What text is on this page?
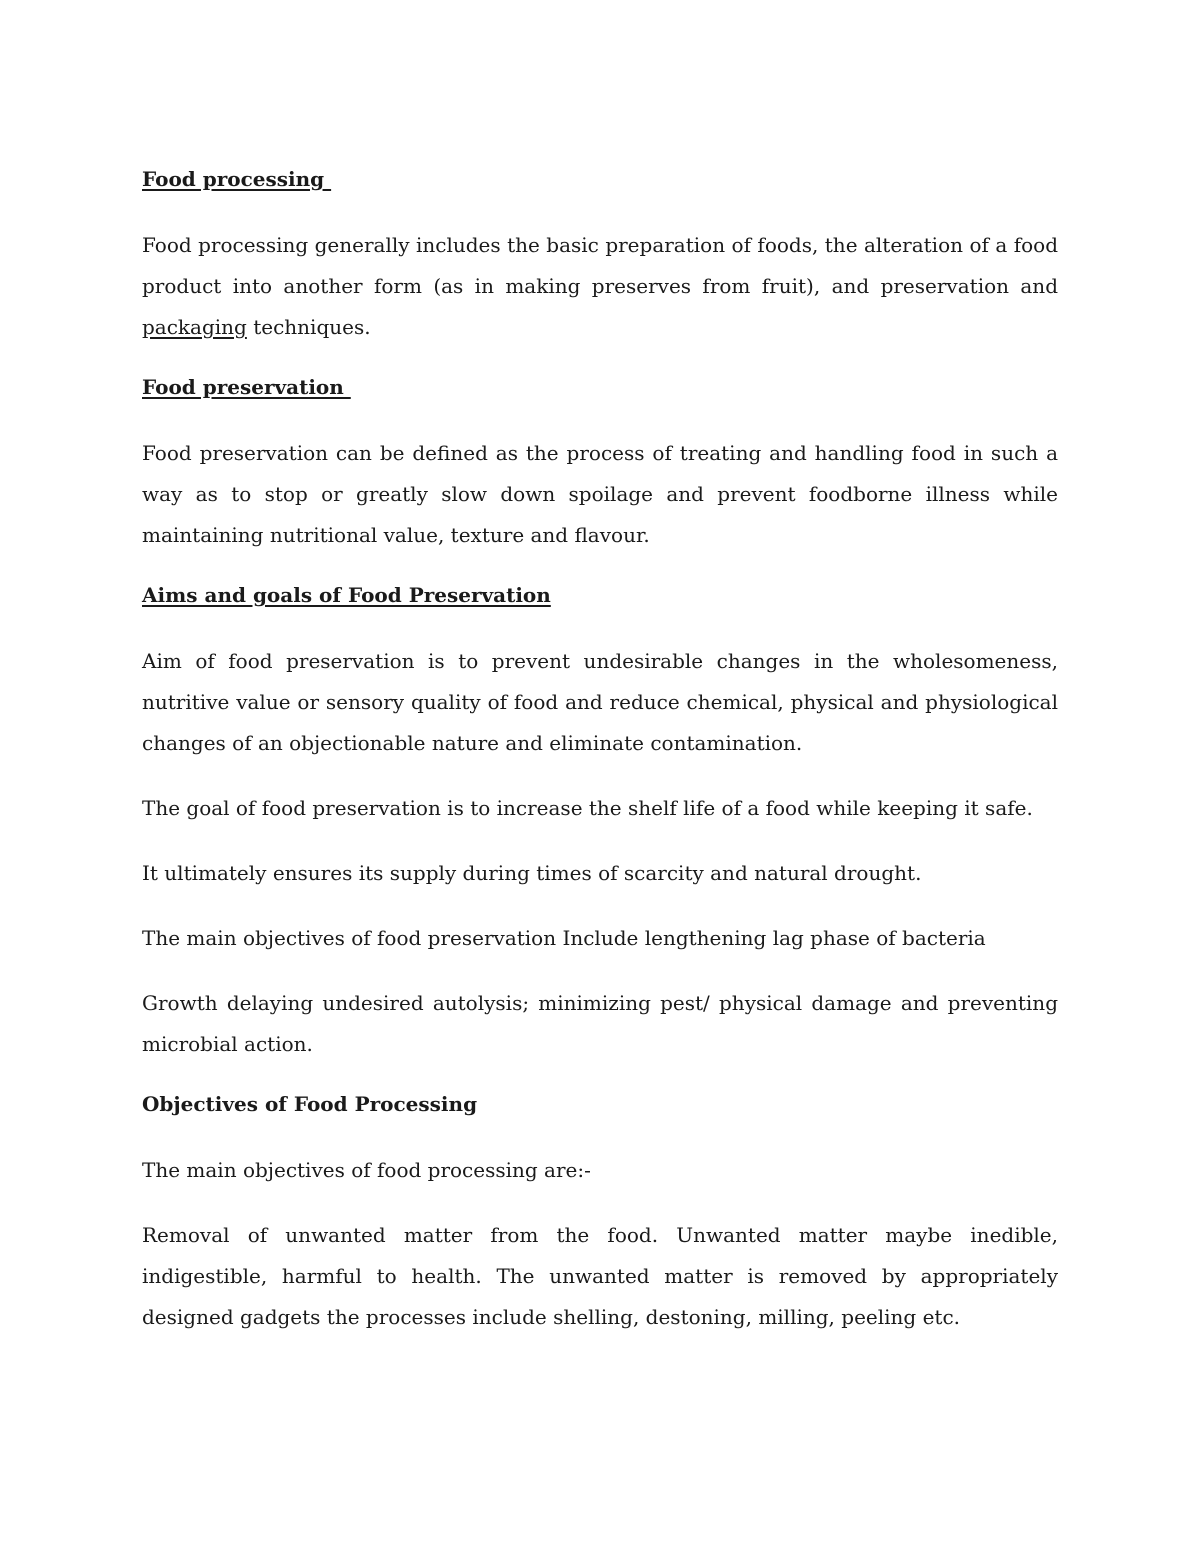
Food processing

Food processing generally includes the basic preparation of foods, the alteration of a food product into another form (as in making preserves from fruit), and preservation and packaging techniques.

Food preservation

Food preservation can be defined as the process of treating and handling food in such a way as to stop or greatly slow down spoilage and prevent foodborne illness while maintaining nutritional value, texture and flavour.

Aims and goals of Food Preservation

Aim of food preservation is to prevent undesirable changes in the wholesomeness, nutritive value or sensory quality of food and reduce chemical, physical and physiological changes of an objectionable nature and eliminate contamination.

The goal of food preservation is to increase the shelf life of a food while keeping it safe.

It ultimately ensures its supply during times of scarcity and natural drought.

The main objectives of food preservation Include lengthening lag phase of bacteria

Growth delaying undesired autolysis; minimizing pest/ physical damage and preventing microbial action.

Objectives of Food Processing

The main objectives of food processing are:-

Removal of unwanted matter from the food. Unwanted matter maybe inedible, indigestible, harmful to health. The unwanted matter is removed by appropriately designed gadgets the processes include shelling, destoning, milling, peeling etc.
